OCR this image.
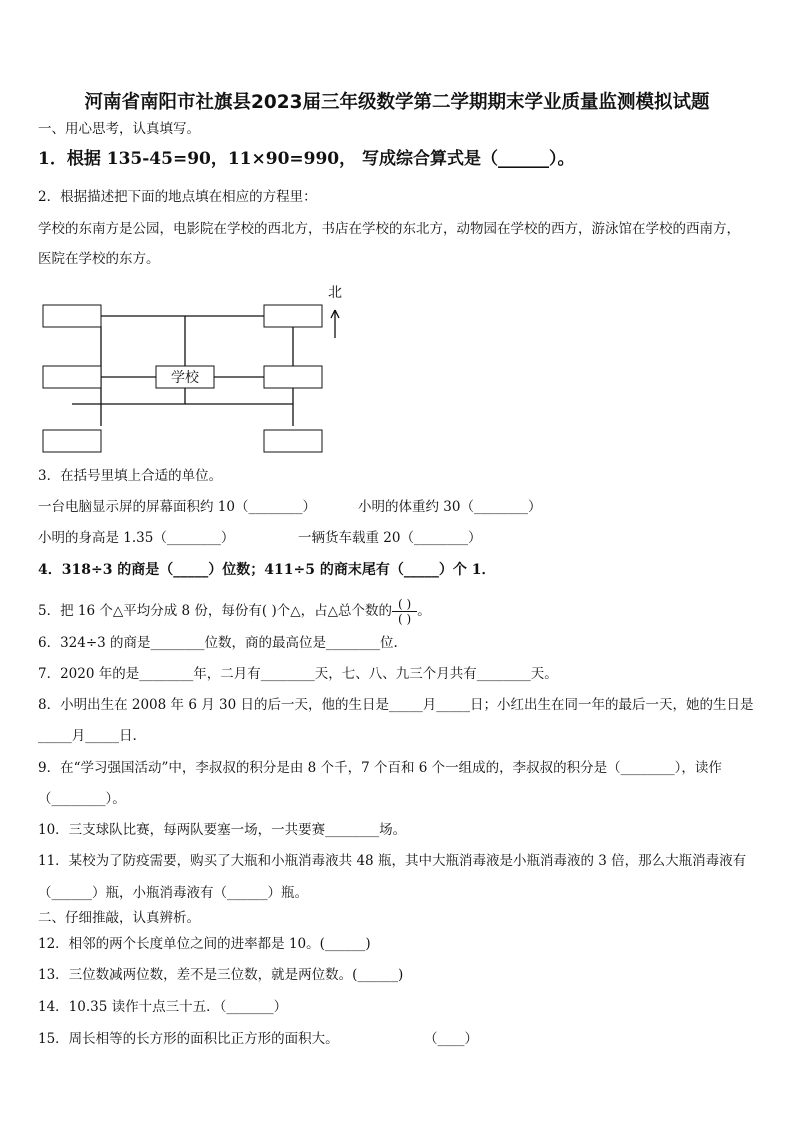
河南省南阳市社旗县2023届三年级数学第二学期期末学业质量监测模拟试题
一、用心思考，认真填写。
1．根据 135-45=90，11×90=990， 写成综合算式是（______）。
2．根据描述把下面的地点填在相应的方程里：
学校的东南方是公园，电影院在学校的西北方，书店在学校的东北方，动物园在学校的西方，游泳馆在学校的西南方，
医院在学校的东方。
学校
北
3．在括号里填上合适的单位。
一台电脑显示屏的屏幕面积约 10（________）	小明的体重约 30（________）
小明的身高是 1.35（________）	一辆货车载重 20（________）
4．318÷3 的商是（_____）位数；411÷5 的商末尾有（_____）个 1．
5．把 16 个△平均分成 8 份，每份有( )个△，占△总个数的 $\frac{( )}{( )}$ 。
6．324÷3 的商是________位数，商的最高位是________位.
7．2020 年的是________年，二月有________天，七、八、九三个月共有________天。
8．小明出生在 2008 年 6 月 30 日的后一天，他的生日是_____月_____日；小红出生在同一年的最后一天，她的生日是
_____月_____日.
9．在“学习强国活动”中，李叔叔的积分是由 8 个千，7 个百和 6 个一组成的，李叔叔的积分是（________），读作
（________）。
10．三支球队比赛，每两队要塞一场，一共要赛________场。
11．某校为了防疫需要，购买了大瓶和小瓶消毒液共 48 瓶，其中大瓶消毒液是小瓶消毒液的 3 倍，那么大瓶消毒液有
（______）瓶，小瓶消毒液有（______）瓶。
二、仔细推敲，认真辨析。
12．相邻的两个长度单位之间的进率都是 10。(______)
13．三位数减两位数，差不是三位数，就是两位数。(______)
14．10.35 读作十点三十五．（_______）
15．周长相等的长方形的面积比正方形的面积大。	（____）
